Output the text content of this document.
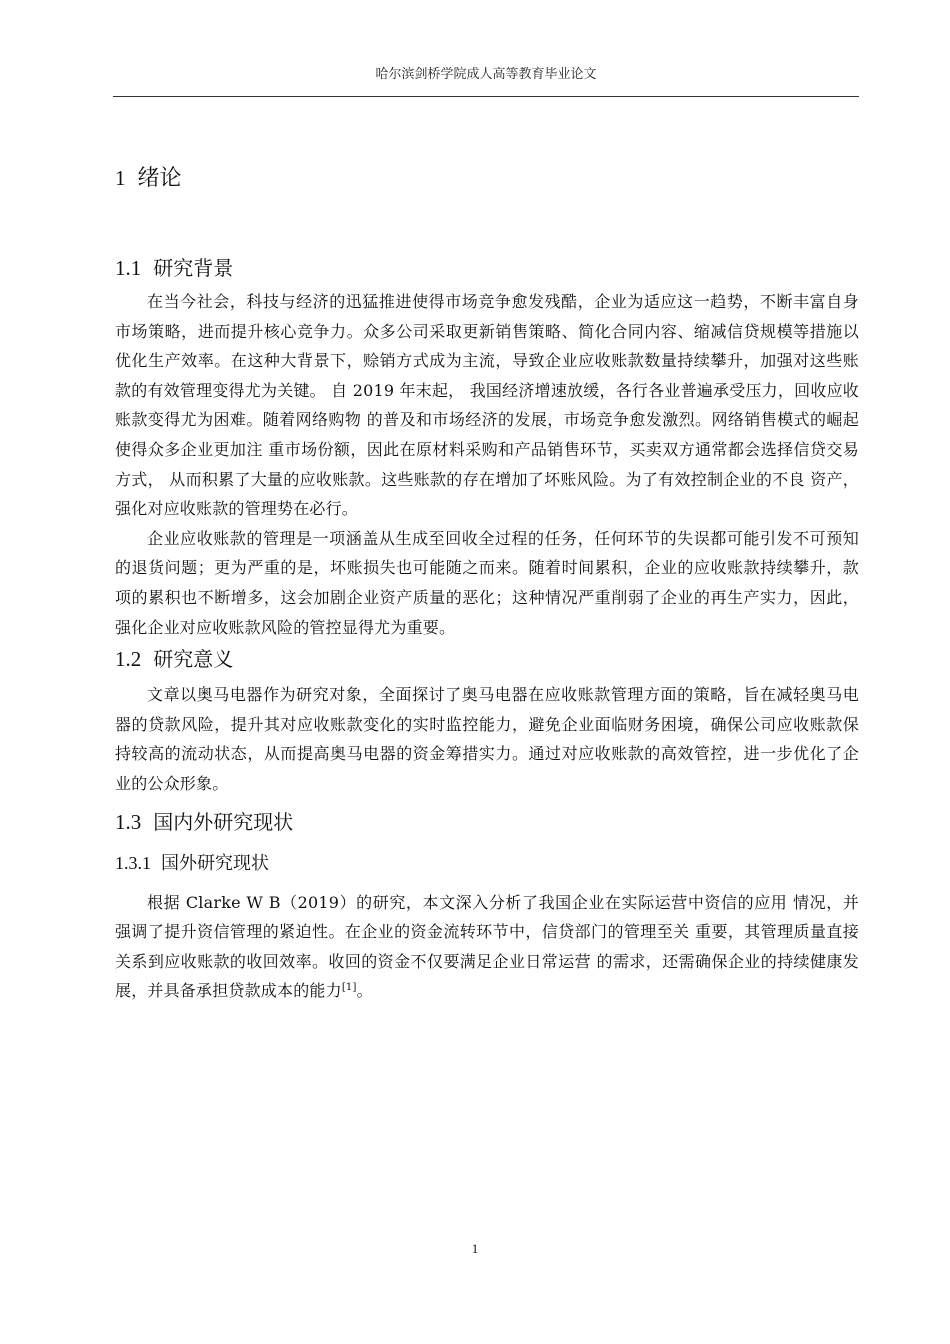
哈尔滨剑桥学院成人高等教育毕业论文
1 绪论
1.1 研究背景

在当今社会，科技与经济的迅猛推进使得市场竞争愈发残酷，企业为适应这一趋势，不断丰富自身市场策略，进而提升核心竞争力。众多公司采取更新销售策略、简化合同内容、缩减信贷规模等措施以优化生产效率。在这种大背景下，赊销方式成为主流，导致企业应收账款数量持续攀升，加强对这些账款的有效管理变得尤为关键。 自 2019 年末起， 我国经济增速放缓，各行各业普遍承受压力，回收应收账款变得尤为困难。随着网络购物 的普及和市场经济的发展，市场竞争愈发激烈。网络销售模式的崛起使得众多企业更加注 重市场份额，因此在原材料采购和产品销售环节，买卖双方通常都会选择信贷交易方式， 从而积累了大量的应收账款。这些账款的存在增加了坏账风险。为了有效控制企业的不良 资产，强化对应收账款的管理势在必行。

企业应收账款的管理是一项涵盖从生成至回收全过程的任务，任何环节的失误都可能引发不可预知的退货问题；更为严重的是，坏账损失也可能随之而来。随着时间累积，企业的应收账款持续攀升，款项的累积也不断增多，这会加剧企业资产质量的恶化；这种情况严重削弱了企业的再生产实力，因此，强化企业对应收账款风险的管控显得尤为重要。

1.2 研究意义

文章以奥马电器作为研究对象，全面探讨了奥马电器在应收账款管理方面的策略，旨在减轻奥马电器的贷款风险，提升其对应收账款变化的实时监控能力，避免企业面临财务困境，确保公司应收账款保持较高的流动状态，从而提高奥马电器的资金筹措实力。通过对应收账款的高效管控，进一步优化了企业的公众形象。

1.3 国内外研究现状
1.3.1 国外研究现状

根据 Clarke W B（2019）的研究，本文深入分析了我国企业在实际运营中资信的应用 情况，并强调了提升资信管理的紧迫性。在企业的资金流转环节中，信贷部门的管理至关 重要，其管理质量直接关系到应收账款的收回效率。收回的资金不仅要满足企业日常运营 的需求，还需确保企业的持续健康发展，并具备承担贷款成本的能力[1]。

1
